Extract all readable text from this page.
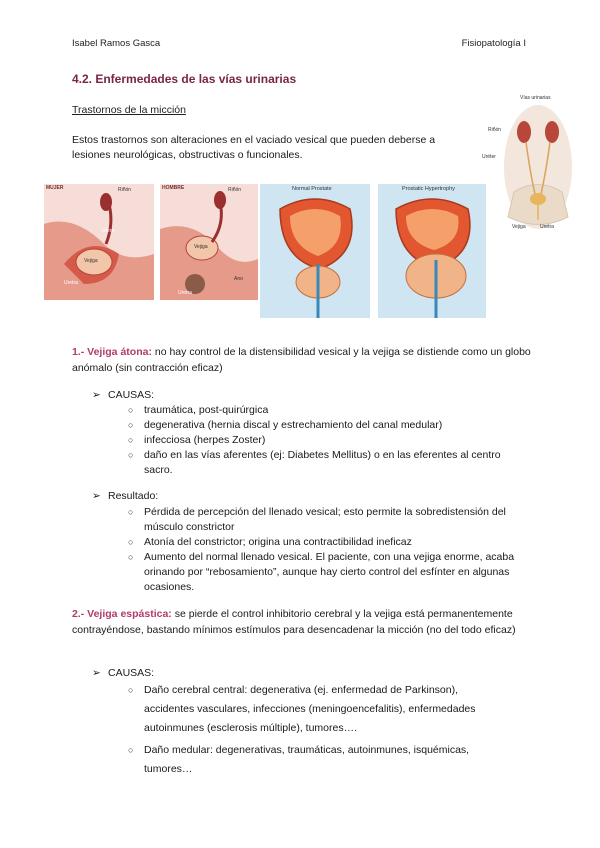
Isabel Ramos Gasca	Fisiopatología I
4.2. Enfermedades de las vías urinarias
Trastornos de la micción
Estos trastornos son alteraciones en el vaciado vesical que pueden deberse a lesiones neurológicas, obstructivas o funcionales.
Vías urinarias
Riñón
Uréter
Vejiga	Uretra
MUJER	Riñón
Útero
Vejiga
Uretra
HOMBRE	Riñón
Vejiga
Uretra
Ano
Normal Prostate	Prostatic Hypertrophy
1.- Vejiga átona: no hay control de la distensibilidad vesical y la vejiga se distiende como un globo anómalo (sin contracción eficaz)
➢ CAUSAS:
○ traumática, post-quirúrgica
○ degenerativa (hernia discal y estrechamiento del canal medular)
○ infecciosa (herpes Zoster)
○ daño en las vías aferentes (ej: Diabetes Mellitus) o en las eferentes al centro sacro.
➢ Resultado:
○ Pérdida de percepción del llenado vesical; esto permite la sobredistensión del músculo constrictor
○ Atonía del constrictor; origina una contractibilidad ineficaz
○ Aumento del normal llenado vesical. El paciente, con una vejiga enorme, acaba orinando por “rebosamiento”, aunque hay cierto control del esfínter en algunas ocasiones.
2.- Vejiga espástica: se pierde el control inhibitorio cerebral y la vejiga está permanentemente contrayéndose, bastando mínimos estímulos para desencadenar la micción (no del todo eficaz)
➢ CAUSAS:
○ Daño cerebral central: degenerativa (ej. enfermedad de Parkinson), accidentes vasculares, infecciones (meningoencefalitis), enfermedades autoinmunes (esclerosis múltiple), tumores….
○ Daño medular: degenerativas, traumáticas, autoinmunes, isquémicas, tumores…
